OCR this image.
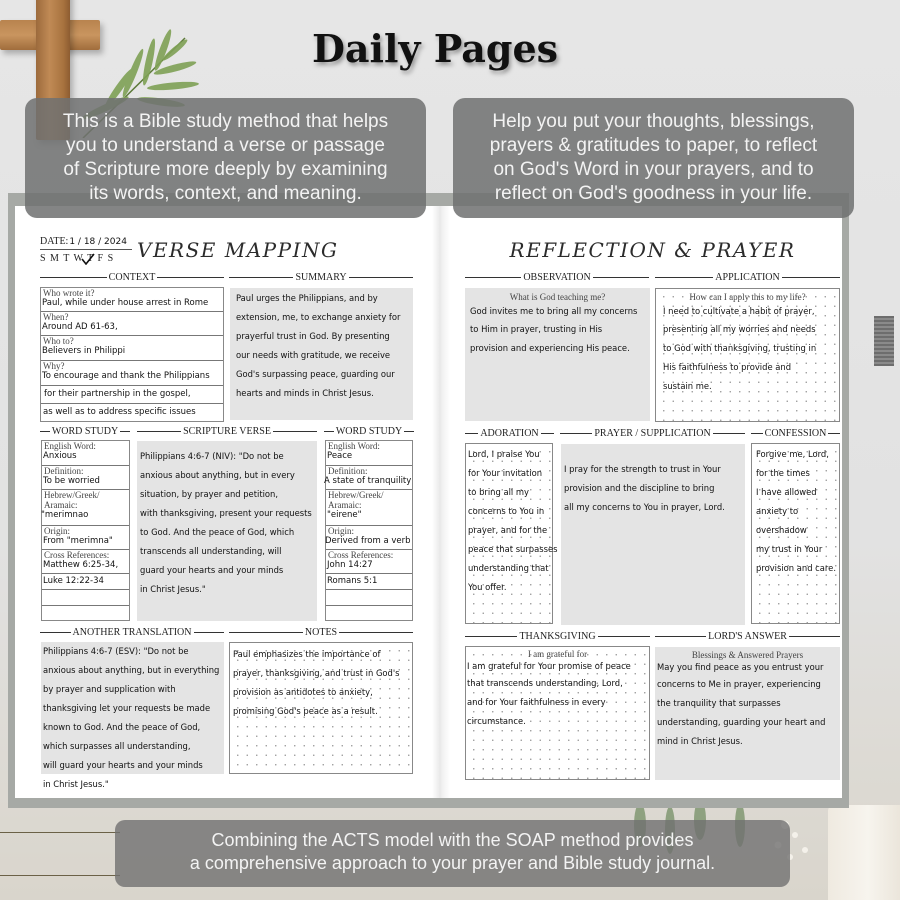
Daily Pages
DATE:1 / 18 / 2024
S M T W T F S VERSE MAPPING
CONTEXT
Who wrote it?
Paul, while under house arrest in Rome
When?
Around AD 61-63,
Who to?
Believers in Philippi
Why?
To encourage and thank the Philippians
for their partnership in the gospel,
as well as to address specific issues
SUMMARY
Paul urges the Philippians, and by
extension, me, to exchange anxiety for
prayerful trust in God. By presenting
our needs with gratitude, we receive
God's surpassing peace, guarding our
hearts and minds in Christ Jesus.
WORD STUDY
English Word:
Anxious
Definition:
To be worried
Hebrew/Greek/
Aramaic:
"merimnao
Origin:
From "merimna"
Cross References:
Matthew 6:25-34,
Luke 12:22-34
SCRIPTURE VERSE
Philippians 4:6-7 (NIV): "Do not be
anxious about anything, but in every
situation, by prayer and petition,
with thanksgiving, present your requests
to God. And the peace of God, which
transcends all understanding, will
guard your hearts and your minds
in Christ Jesus."
WORD STUDY
English Word:
Peace
Definition:
A state of tranquility
Hebrew/Greek/
Aramaic:
"eirene"
Origin:
Derived from a verb
Cross References:
John 14:27
Romans 5:1
ANOTHER TRANSLATION
Philippians 4:6-7 (ESV): "Do not be
anxious about anything, but in everything
by prayer and supplication with
thanksgiving let your requests be made
known to God. And the peace of God,
which surpasses all understanding,
will guard your hearts and your minds
in Christ Jesus."
NOTES
Paul emphasizes the importance of
prayer, thanksgiving, and trust in God's
provision as antidotes to anxiety,
promising God's peace as a result.
REFLECTION & PRAYER
OBSERVATION
What is God teaching me?
God invites me to bring all my concerns
to Him in prayer, trusting in His
provision and experiencing His peace.
APPLICATION
How can I apply this to my life?
I need to cultivate a habit of prayer,
presenting all my worries and needs
to God with thanksgiving, trusting in
His faithfulness to provide and
sustain me.
ADORATION
Lord, I praise You
for Your invitation
to bring all my
concerns to You in
prayer, and for the
peace that surpasses
understanding that
You offer.
PRAYER / SUPPLICATION
I pray for the strength to trust in Your
provision and the discipline to bring
all my concerns to You in prayer, Lord.
CONFESSION
Forgive me, Lord,
for the times
I have allowed
anxiety to
overshadow
my trust in Your
provision and care.
THANKSGIVING
I am grateful for
I am grateful for Your promise of peace
that transcends understanding, Lord,
and for Your faithfulness in every
circumstance.
LORD'S ANSWER
Blessings & Answered Prayers
May you find peace as you entrust your
concerns to Me in prayer, experiencing
the tranquility that surpasses
understanding, guarding your heart and
mind in Christ Jesus.
This is a Bible study method that helps
you to understand a verse or passage
of Scripture more deeply by examining
its words, context, and meaning.
Help you put your thoughts, blessings,
prayers & gratitudes to paper, to reflect
on God's Word in your prayers, and to
reflect on God's goodness in your life.
Combining the ACTS model with the SOAP method provides
a comprehensive approach to your prayer and Bible study journal.
